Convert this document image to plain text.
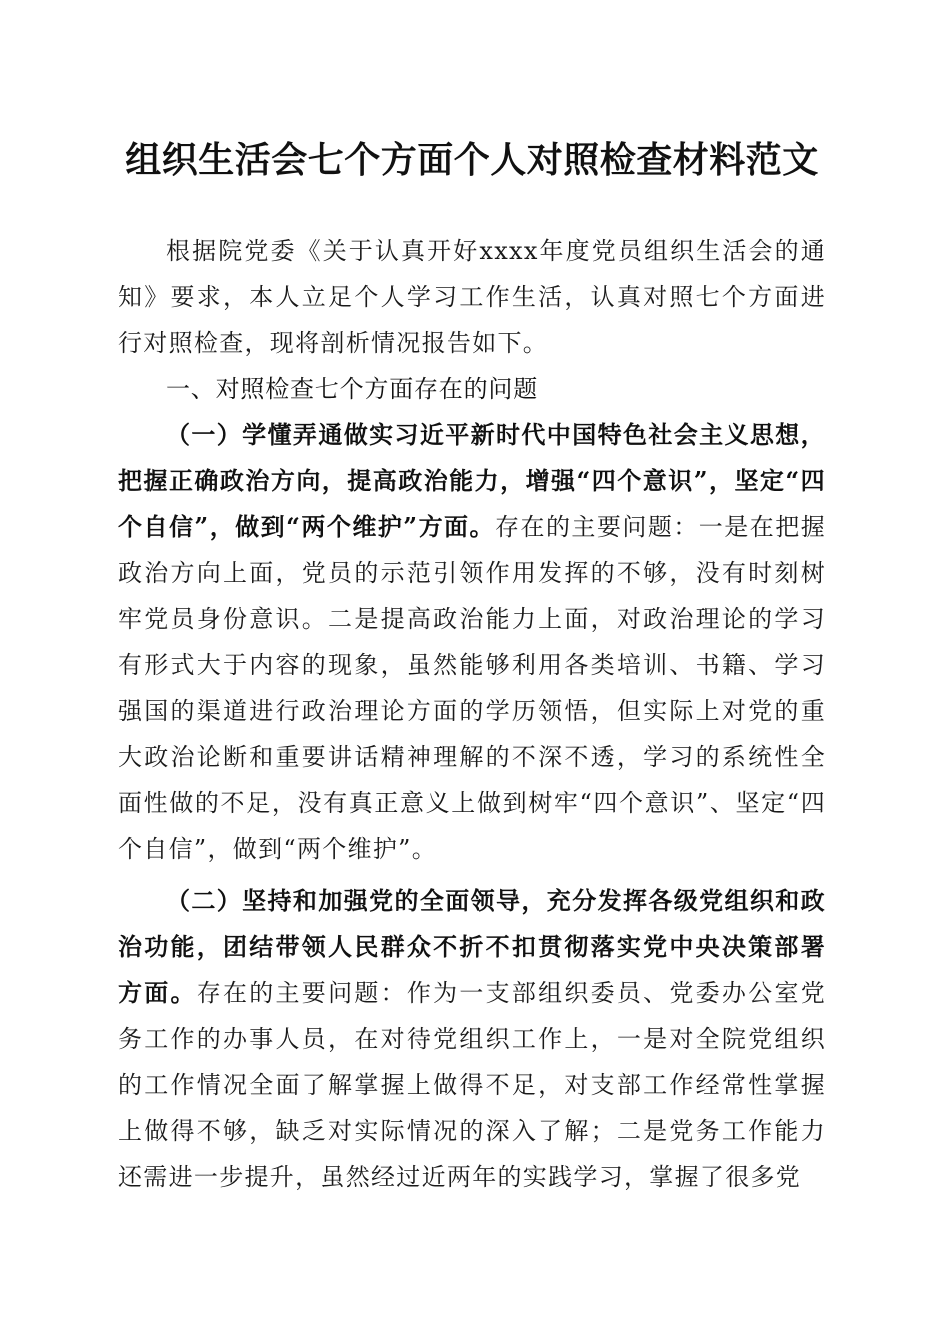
组织生活会七个方面个人对照检查材料范文

根据院党委《关于认真开好xxxx年度党员组织生活会的通知》要求，本人立足个人学习工作生活，认真对照七个方面进行对照检查，现将剖析情况报告如下。

一、对照检查七个方面存在的问题

（一）学懂弄通做实习近平新时代中国特色社会主义思想，把握正确政治方向，提高政治能力，增强“四个意识”，坚定“四个自信”，做到“两个维护”方面。存在的主要问题：一是在把握政治方向上面，党员的示范引领作用发挥的不够，没有时刻树牢党员身份意识。二是提高政治能力上面，对政治理论的学习有形式大于内容的现象，虽然能够利用各类培训、书籍、学习强国的渠道进行政治理论方面的学历领悟，但实际上对党的重大政治论断和重要讲话精神理解的不深不透，学习的系统性全面性做的不足，没有真正意义上做到树牢“四个意识”、坚定“四个自信”，做到“两个维护”。

（二）坚持和加强党的全面领导，充分发挥各级党组织和政治功能，团结带领人民群众不折不扣贯彻落实党中央决策部署方面。存在的主要问题：作为一支部组织委员、党委办公室党务工作的办事人员，在对待党组织工作上，一是对全院党组织的工作情况全面了解掌握上做得不足，对支部工作经常性掌握上做得不够，缺乏对实际情况的深入了解；二是党务工作能力还需进一步提升，虽然经过近两年的实践学习，掌握了很多党
